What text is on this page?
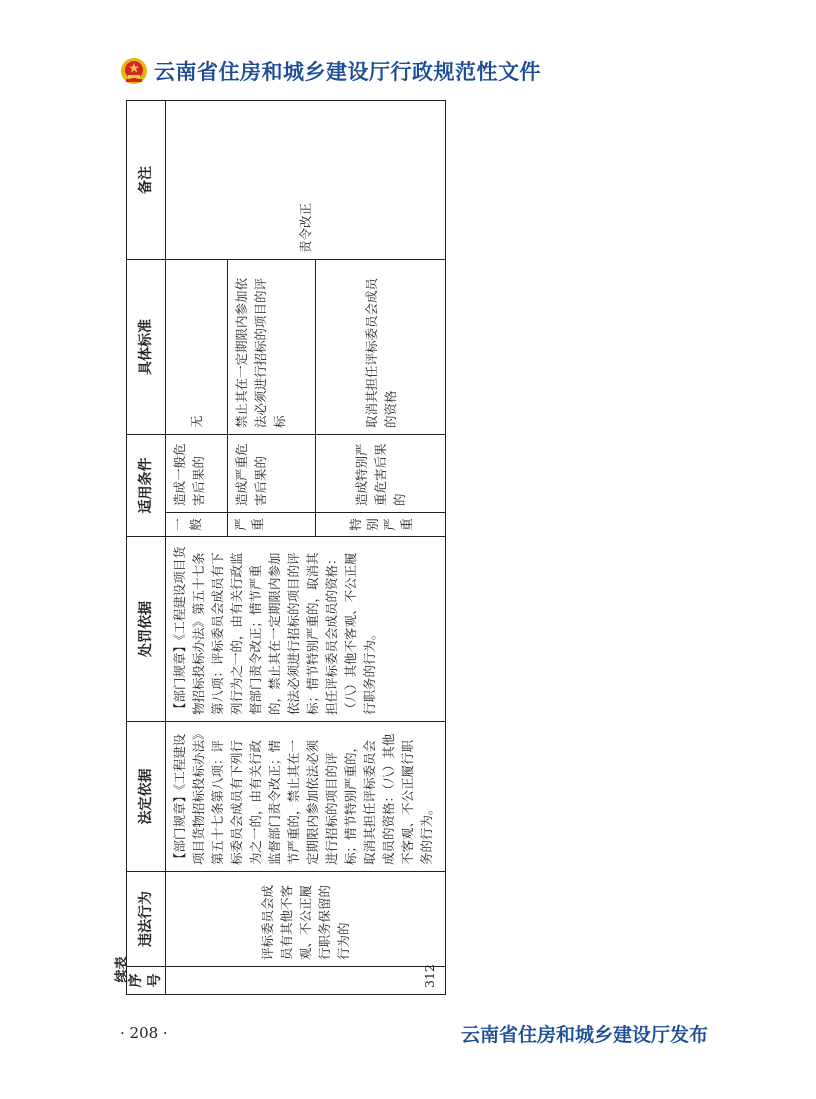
云南省住房和城乡建设厅行政规范性文件
续表
序号	违法行为	法定依据	处罚依据	适用条件		具体标准	备注
312	评标委员会成员有其他不客观、不公正履行职务保留的行为的	【部门规章】《工程建设项目货物招标投标办法》第五十七条第八项：评标委员会成员有下列行为之一的，由有关行政监督部门责令改正；情节严重的，禁止其在一定期限内参加依法必须进行招标的项目的评标；情节特别严重的，取消其担任评标委员会成员的资格：（八）其他不客观、不公正履行职务的行为。	【部门规章】《工程建设项目货物招标投标办法》第五十七条第八项：评标委员会成员有下列行为之一的，由有关行政监督部门责令改正；情节严重的，禁止其在一定期限内参加依法必须进行招标的项目的评标；情节特别严重的，取消其担任评标委员会成员的资格：（八）其他不客观、不公正履行职务的行为。	一般	造成一般危害后果的	无	责令改正
				严重	造成严重危害后果的	禁止其在一定期限内参加依法必须进行招标的项目的评标	
				特别严重	造成特别严重危害后果的	取消其担任评标委员会成员的资格	
· 208 ·	云南省住房和城乡建设厅发布
